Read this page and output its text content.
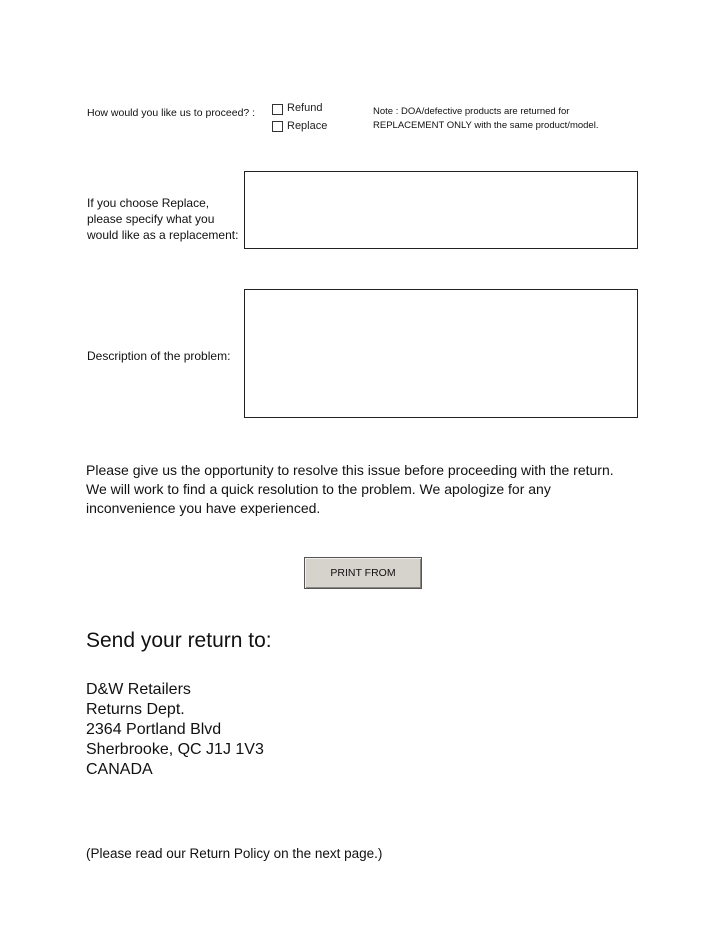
How would you like us to proceed? :	Refund
Replace
Note : DOA/defective products are returned for
REPLACEMENT ONLY with the same product/model.
If you choose Replace,
please specify what you
would like as a replacement:
Description of the problem:
Please give us the opportunity to resolve this issue before proceeding with the return.
We will work to find a quick resolution to the problem. We apologize for any
inconvenience you have experienced.
PRINT FROM
Send your return to:
D&W Retailers
Returns Dept.
2364 Portland Blvd
Sherbrooke, QC J1J 1V3
CANADA
(Please read our Return Policy on the next page.)
